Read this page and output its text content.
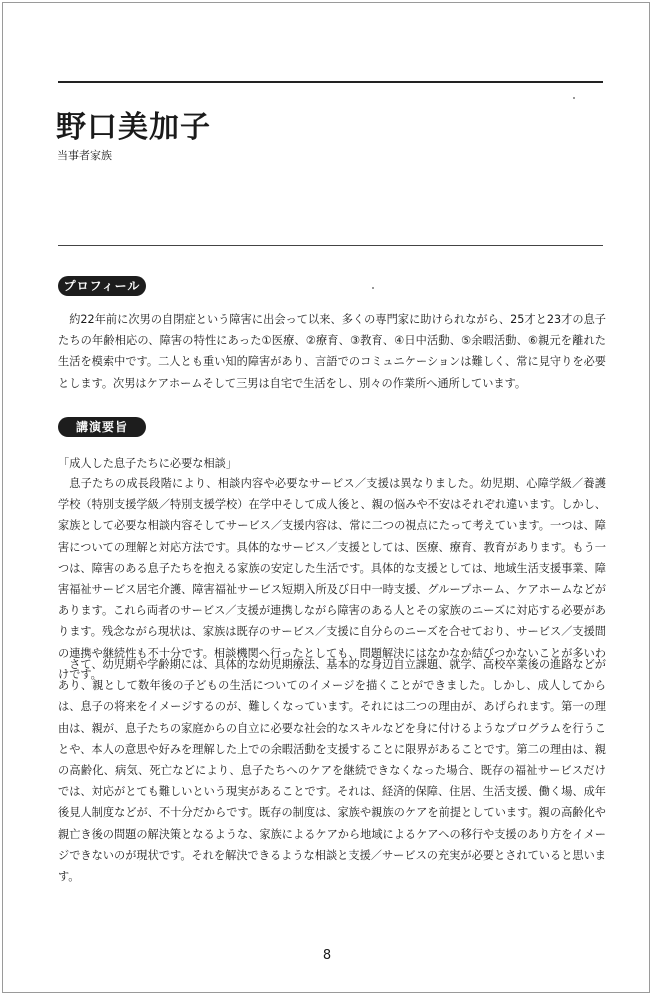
野口美加子
当事者家族
プロフィール
約22年前に次男の自閉症という障害に出会って以来、多くの専門家に助けられながら、25才と23才の息子たちの年齢相応の、障害の特性にあった①医療、②療育、③教育、④日中活動、⑤余暇活動、⑥親元を離れた生活を模索中です。二人とも重い知的障害があり、言語でのコミュニケーションは難しく、常に見守りを必要とします。次男はケアホームそして三男は自宅で生活をし、別々の作業所へ通所しています。
講演要旨
「成人した息子たちに必要な相談」
息子たちの成長段階により、相談内容や必要なサービス／支援は異なりました。幼児期、心障学級／養護学校（特別支援学級／特別支援学校）在学中そして成人後と、親の悩みや不安はそれぞれ違います。しかし、家族として必要な相談内容そしてサービス／支援内容は、常に二つの視点にたって考えています。一つは、障害についての理解と対応方法です。具体的なサービス／支援としては、医療、療育、教育があります。もう一つは、障害のある息子たちを抱える家族の安定した生活です。具体的な支援としては、地域生活支援事業、障害福祉サービス居宅介護、障害福祉サービス短期入所及び日中一時支援、グループホーム、ケアホームなどがあります。これら両者のサービス／支援が連携しながら障害のある人とその家族のニーズに対応する必要があります。残念ながら現状は、家族は既存のサービス／支援に自分らのニーズを合せており、サービス／支援間の連携や継続性も不十分です。相談機関へ行ったとしても、問題解決にはなかなか結びつかないことが多いわけです。
さて、幼児期や学齢期には、具体的な幼児期療法、基本的な身辺自立課題、就学、高校卒業後の進路などがあり、親として数年後の子どもの生活についてのイメージを描くことができました。しかし、成人してからは、息子の将来をイメージするのが、難しくなっています。それには二つの理由が、あげられます。第一の理由は、親が、息子たちの家庭からの自立に必要な社会的なスキルなどを身に付けるようなプログラムを行うことや、本人の意思や好みを理解した上での余暇活動を支援することに限界があることです。第二の理由は、親の高齢化、病気、死亡などにより、息子たちへのケアを継続できなくなった場合、既存の福祉サービスだけでは、対応がとても難しいという現実があることです。それは、経済的保障、住居、生活支援、働く場、成年後見人制度などが、不十分だからです。既存の制度は、家族や親族のケアを前提としています。親の高齢化や親亡き後の問題の解決策となるような、家族によるケアから地域によるケアへの移行や支援のあり方をイメージできないのが現状です。それを解決できるような相談と支援／サービスの充実が必要とされていると思います。
8
